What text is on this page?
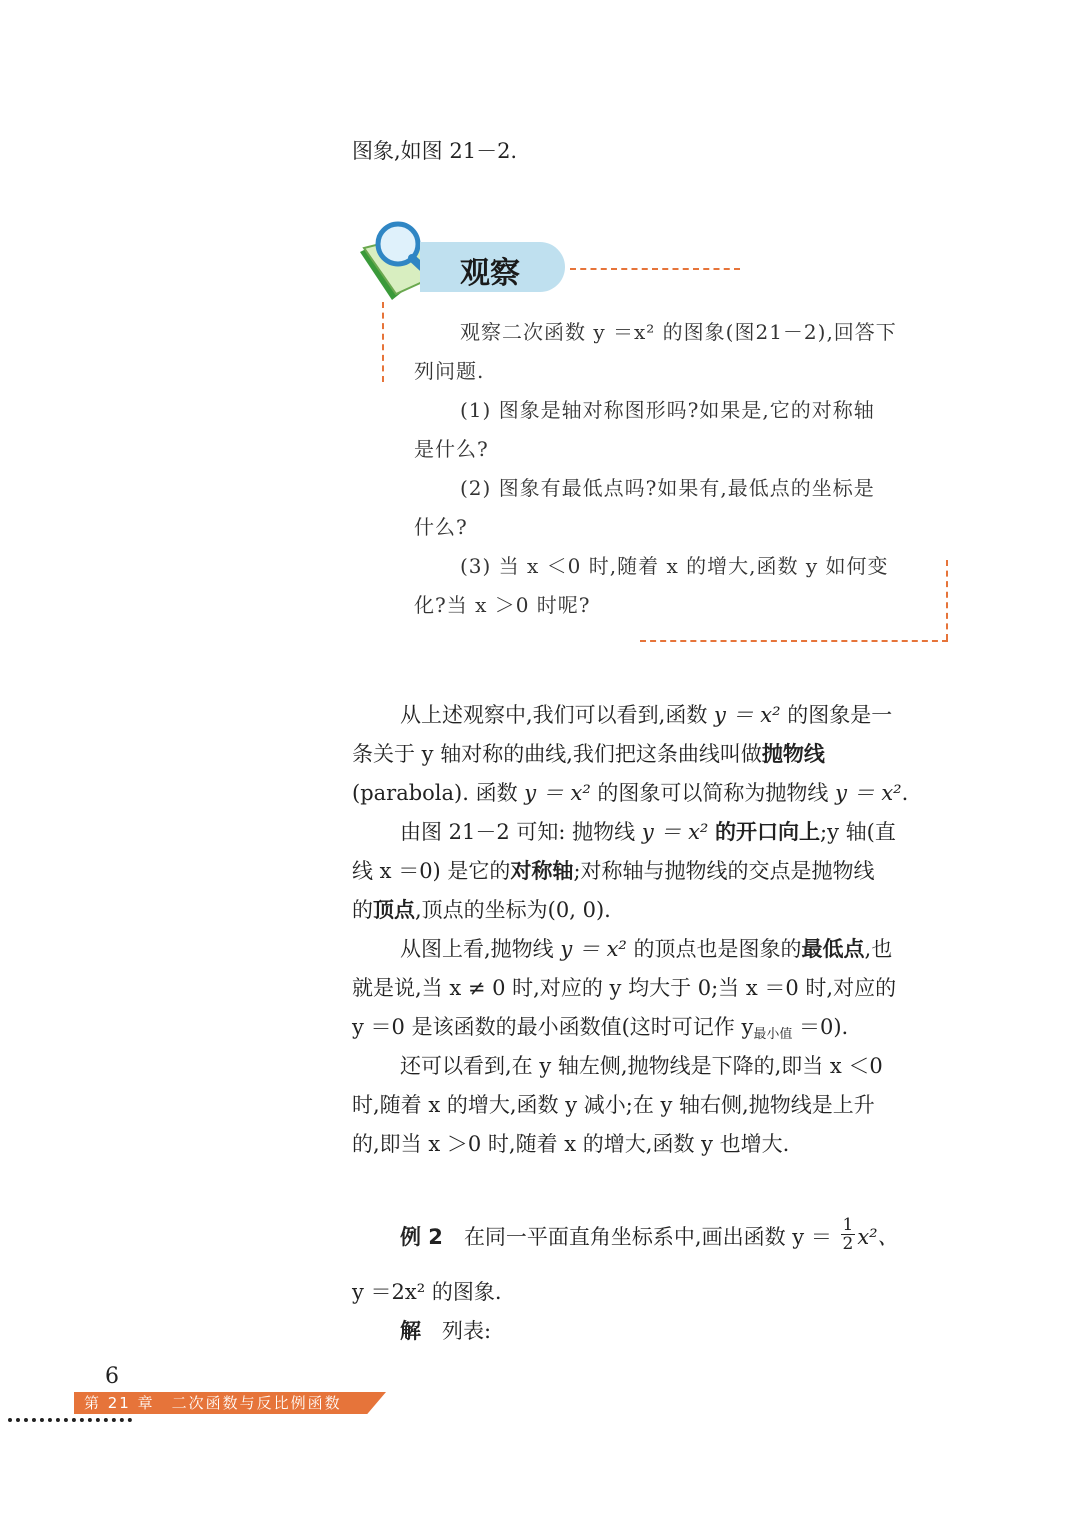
图象,如图 21－2.
观察
观察二次函数 y ＝x² 的图象(图21－2),回答下
列问题.
(1) 图象是轴对称图形吗?如果是,它的对称轴
是什么?
(2) 图象有最低点吗?如果有,最低点的坐标是
什么?
(3) 当 x ＜0 时,随着 x 的增大,函数 y 如何变
化?当 x ＞0 时呢?
从上述观察中,我们可以看到,函数 y ＝ x² 的图象是一
条关于 y 轴对称的曲线,我们把这条曲线叫做抛物线
(parabola). 函数 y ＝ x² 的图象可以简称为抛物线 y ＝ x².
由图 21－2 可知: 抛物线 y ＝ x² 的开口向上;y 轴(直
线 x ＝0) 是它的对称轴;对称轴与抛物线的交点是抛物线
的顶点,顶点的坐标为(0, 0).
从图上看,抛物线 y ＝ x² 的顶点也是图象的最低点,也
就是说,当 x ≠ 0 时,对应的 y 均大于 0;当 x ＝0 时,对应的
y ＝0 是该函数的最小函数值(这时可记作 $y_{最小值} =0$).
还可以看到,在 y 轴左侧,抛物线是下降的,即当 x ＜0
时,随着 x 的增大,函数 y 减小;在 y 轴右侧,抛物线是上升
的,即当 x ＞0 时,随着 x 的增大,函数 y 也增大.
例 2  在同一平面直角坐标系中,画出函数 $y = \frac{1}{2} x^2$、
y ＝2x² 的图象.
解  列表:
6
第 21 章　二次函数与反比例函数
